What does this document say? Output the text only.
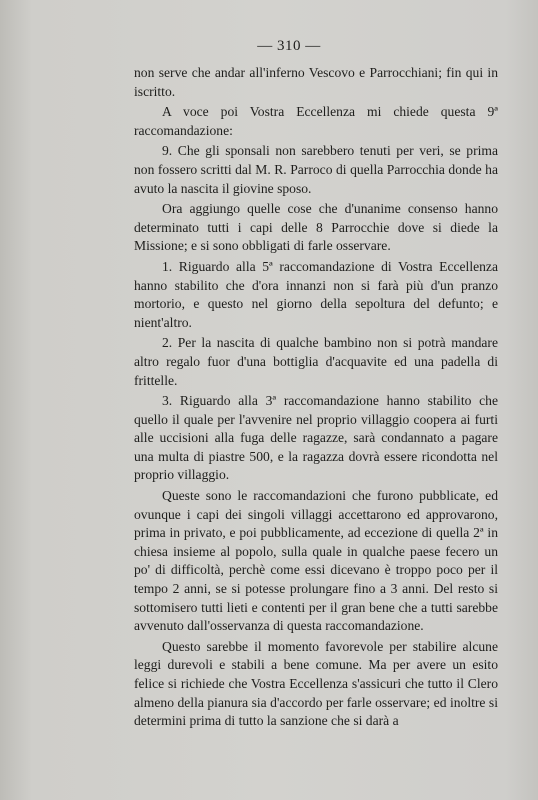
— 310 —

non serve che andar all'inferno Vescovo e Parrocchiani; fin qui in iscritto.

A voce poi Vostra Eccellenza mi chiede questa 9ª raccomandazione:

9. Che gli sponsali non sarebbero tenuti per veri, se prima non fossero scritti dal M. R. Parroco di quella Parrocchia donde ha avuto la nascita il giovine sposo.

Ora aggiungo quelle cose che d'unanime consenso hanno determinato tutti i capi delle 8 Parrocchie dove si diede la Missione; e si sono obbligati di farle osservare.

1. Riguardo alla 5ª raccomandazione di Vostra Eccellenza hanno stabilito che d'ora innanzi non si farà più d'un pranzo mortorio, e questo nel giorno della sepoltura del defunto; e nient'altro.

2. Per la nascita di qualche bambino non si potrà mandare altro regalo fuor d'una bottiglia d'acquavite ed una padella di frittelle.

3. Riguardo alla 3ª raccomandazione hanno stabilito che quello il quale per l'avvenire nel proprio villaggio coopera ai furti alle uccisioni alla fuga delle ragazze, sarà condannato a pagare una multa di piastre 500, e la ragazza dovrà essere ricondotta nel proprio villaggio.

Queste sono le raccomandazioni che furono pubblicate, ed ovunque i capi dei singoli villaggi accettarono ed approvarono, prima in privato, e poi pubblicamente, ad eccezione di quella 2ª in chiesa insieme al popolo, sulla quale in qualche paese fecero un po' di difficoltà, perchè come essi dicevano è troppo poco per il tempo 2 anni, se si potesse prolungare fino a 3 anni. Del resto si sottomisero tutti lieti e contenti per il gran bene che a tutti sarebbe avvenuto dall'osservanza di questa raccomandazione.

Questo sarebbe il momento favorevole per stabilire alcune leggi durevoli e stabili a bene comune. Ma per avere un esito felice si richiede che Vostra Eccellenza s'assicuri che tutto il Clero almeno della pianura sia d'accordo per farle osservare; ed inoltre si determini prima di tutto la sanzione che si darà a
